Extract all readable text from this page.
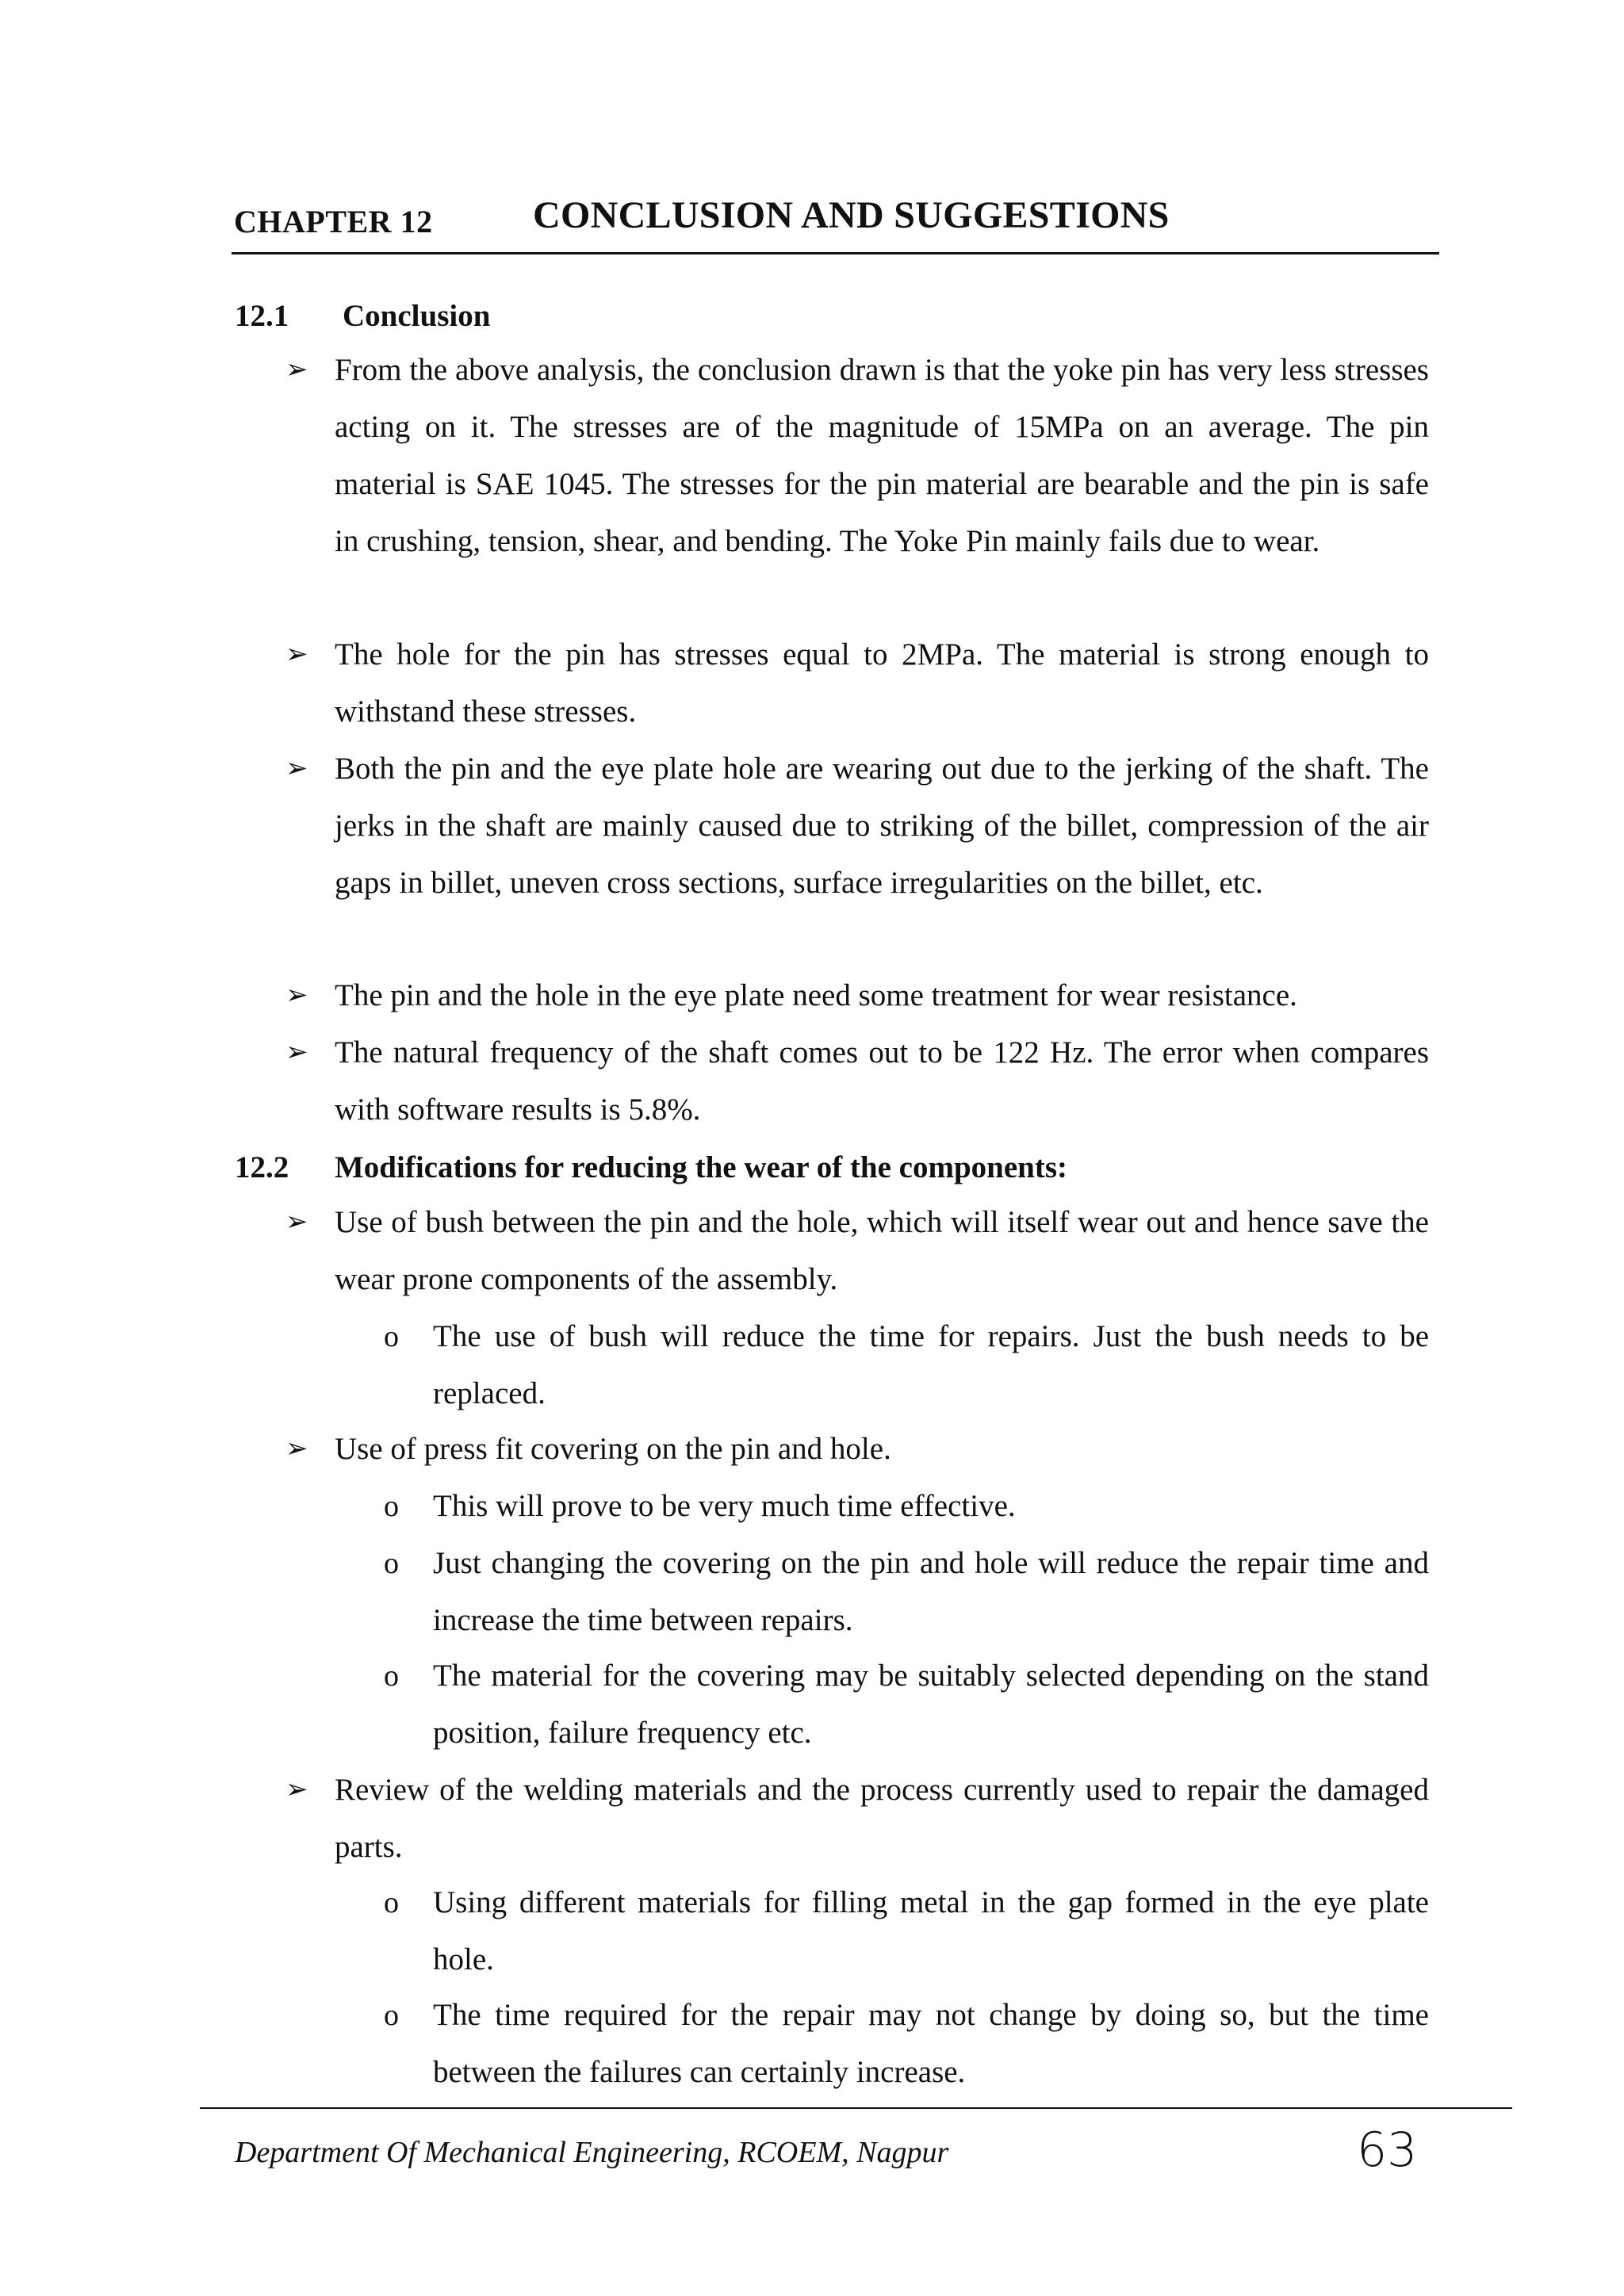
CHAPTER 12	CONCLUSION AND SUGGESTIONS
12.1 Conclusion
➢ From the above analysis, the conclusion drawn is that the yoke pin has very less stresses acting on it. The stresses are of the magnitude of 15MPa on an average. The pin material is SAE 1045. The stresses for the pin material are bearable and the pin is safe in crushing, tension, shear, and bending. The Yoke Pin mainly fails due to wear.
➢ The hole for the pin has stresses equal to 2MPa. The material is strong enough to withstand these stresses.
➢ Both the pin and the eye plate hole are wearing out due to the jerking of the shaft. The jerks in the shaft are mainly caused due to striking of the billet, compression of the air gaps in billet, uneven cross sections, surface irregularities on the billet, etc.
➢ The pin and the hole in the eye plate need some treatment for wear resistance.
➢ The natural frequency of the shaft comes out to be 122 Hz. The error when compares with software results is 5.8%.
12.2 Modifications for reducing the wear of the components:
➢ Use of bush between the pin and the hole, which will itself wear out and hence save the wear prone components of the assembly.
o The use of bush will reduce the time for repairs. Just the bush needs to be replaced.
➢ Use of press fit covering on the pin and hole.
o This will prove to be very much time effective.
o Just changing the covering on the pin and hole will reduce the repair time and increase the time between repairs.
o The material for the covering may be suitably selected depending on the stand position, failure frequency etc.
➢ Review of the welding materials and the process currently used to repair the damaged parts.
o Using different materials for filling metal in the gap formed in the eye plate hole.
o The time required for the repair may not change by doing so, but the time between the failures can certainly increase.
Department Of Mechanical Engineering, RCOEM, Nagpur	63
